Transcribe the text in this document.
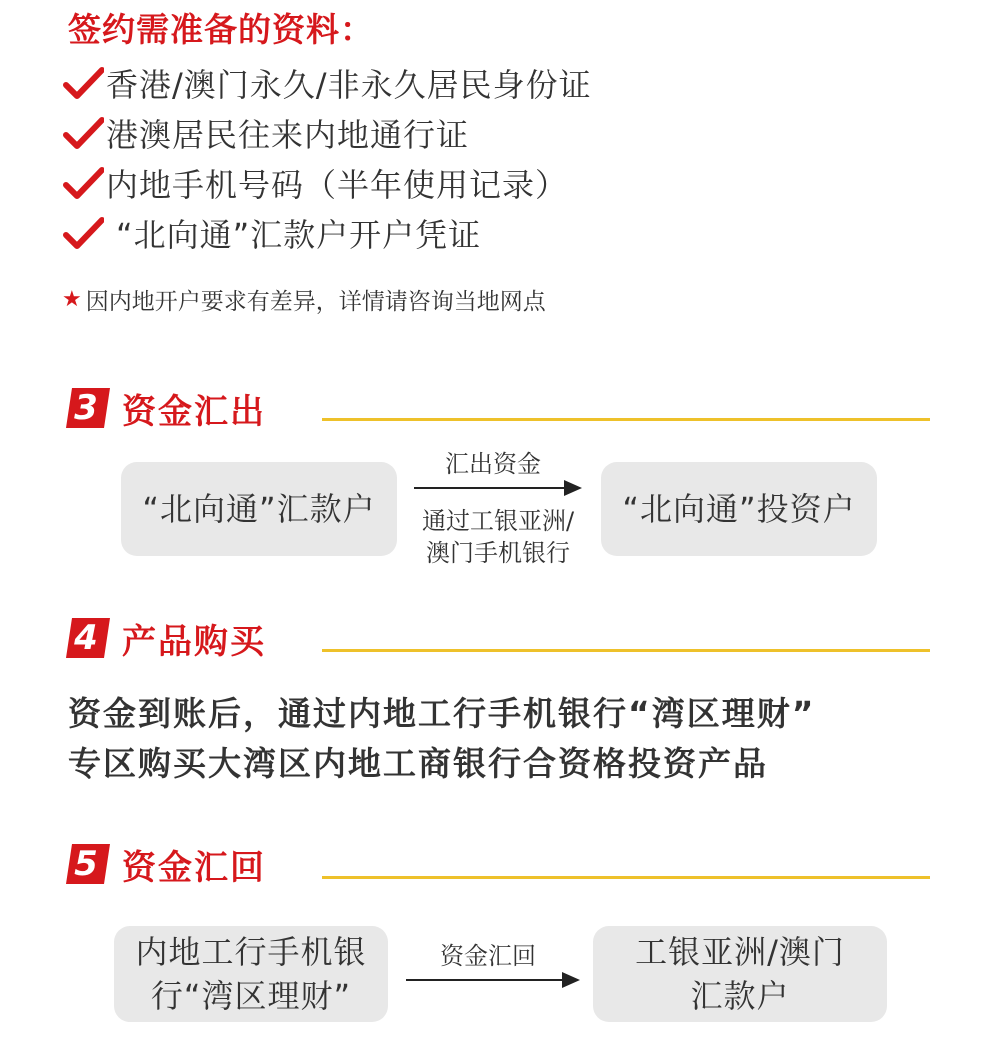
签约需准备的资料：
香港/澳门永久/非永久居民身份证
港澳居民往来内地通行证
内地手机号码（半年使用记录）
“北向通”汇款户开户凭证
★ 因内地开户要求有差异，详情请咨询当地网点
3 资金汇出
“北向通”汇款户
汇出资金
通过工银亚洲/
澳门手机银行
“北向通”投资户
4 产品购买
资金到账后，通过内地工行手机银行“湾区理财”
专区购买大湾区内地工商银行合资格投资产品
5 资金汇回
内地工行手机银
行“湾区理财”
资金汇回	工银亚洲/澳门
汇款户
